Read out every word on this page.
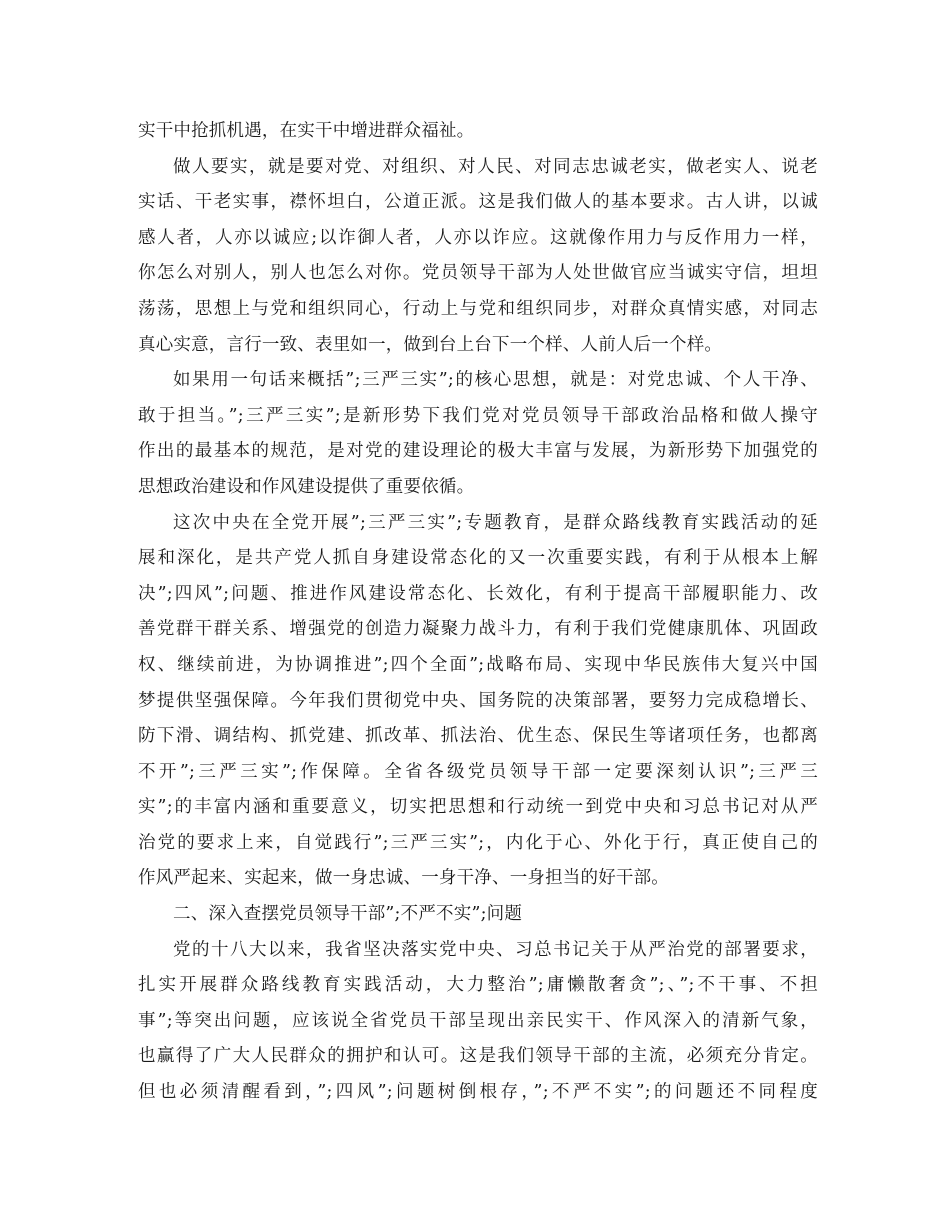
实干中抢抓机遇，在实干中增进群众福祉。
做人要实，就是要对党、对组织、对人民、对同志忠诚老实，做老实人、说老
实话、干老实事，襟怀坦白，公道正派。这是我们做人的基本要求。古人讲，以诚
感人者，人亦以诚应;以诈御人者，人亦以诈应。这就像作用力与反作用力一样，
你怎么对别人，别人也怎么对你。党员领导干部为人处世做官应当诚实守信，坦坦
荡荡，思想上与党和组织同心，行动上与党和组织同步，对群众真情实感，对同志
真心实意，言行一致、表里如一，做到台上台下一个样、人前人后一个样。
如果用一句话来概括”;三严三实”;的核心思想，就是：对党忠诚、个人干净、
敢于担当。”;三严三实”;是新形势下我们党对党员领导干部政治品格和做人操守
作出的最基本的规范，是对党的建设理论的极大丰富与发展，为新形势下加强党的
思想政治建设和作风建设提供了重要依循。
这次中央在全党开展”;三严三实”;专题教育，是群众路线教育实践活动的延
展和深化，是共产党人抓自身建设常态化的又一次重要实践，有利于从根本上解
决”;四风”;问题、推进作风建设常态化、长效化，有利于提高干部履职能力、改
善党群干群关系、增强党的创造力凝聚力战斗力，有利于我们党健康肌体、巩固政
权、继续前进，为协调推进”;四个全面”;战略布局、实现中华民族伟大复兴中国
梦提供坚强保障。今年我们贯彻党中央、国务院的决策部署，要努力完成稳增长、
防下滑、调结构、抓党建、抓改革、抓法治、优生态、保民生等诸项任务，也都离
不开”;三严三实”;作保障。全省各级党员领导干部一定要深刻认识”;三严三
实”;的丰富内涵和重要意义，切实把思想和行动统一到党中央和习总书记对从严
治党的要求上来，自觉践行”;三严三实”;，内化于心、外化于行，真正使自己的
作风严起来、实起来，做一身忠诚、一身干净、一身担当的好干部。
二、深入查摆党员领导干部”;不严不实”;问题
党的十八大以来，我省坚决落实党中央、习总书记关于从严治党的部署要求，
扎实开展群众路线教育实践活动，大力整治”;庸懒散奢贪”;、”;不干事、不担
事”;等突出问题，应该说全省党员干部呈现出亲民实干、作风深入的清新气象，
也赢得了广大人民群众的拥护和认可。这是我们领导干部的主流，必须充分肯定。
但也必须清醒看到，”;四风”;问题树倒根存，”;不严不实”;的问题还不同程度
